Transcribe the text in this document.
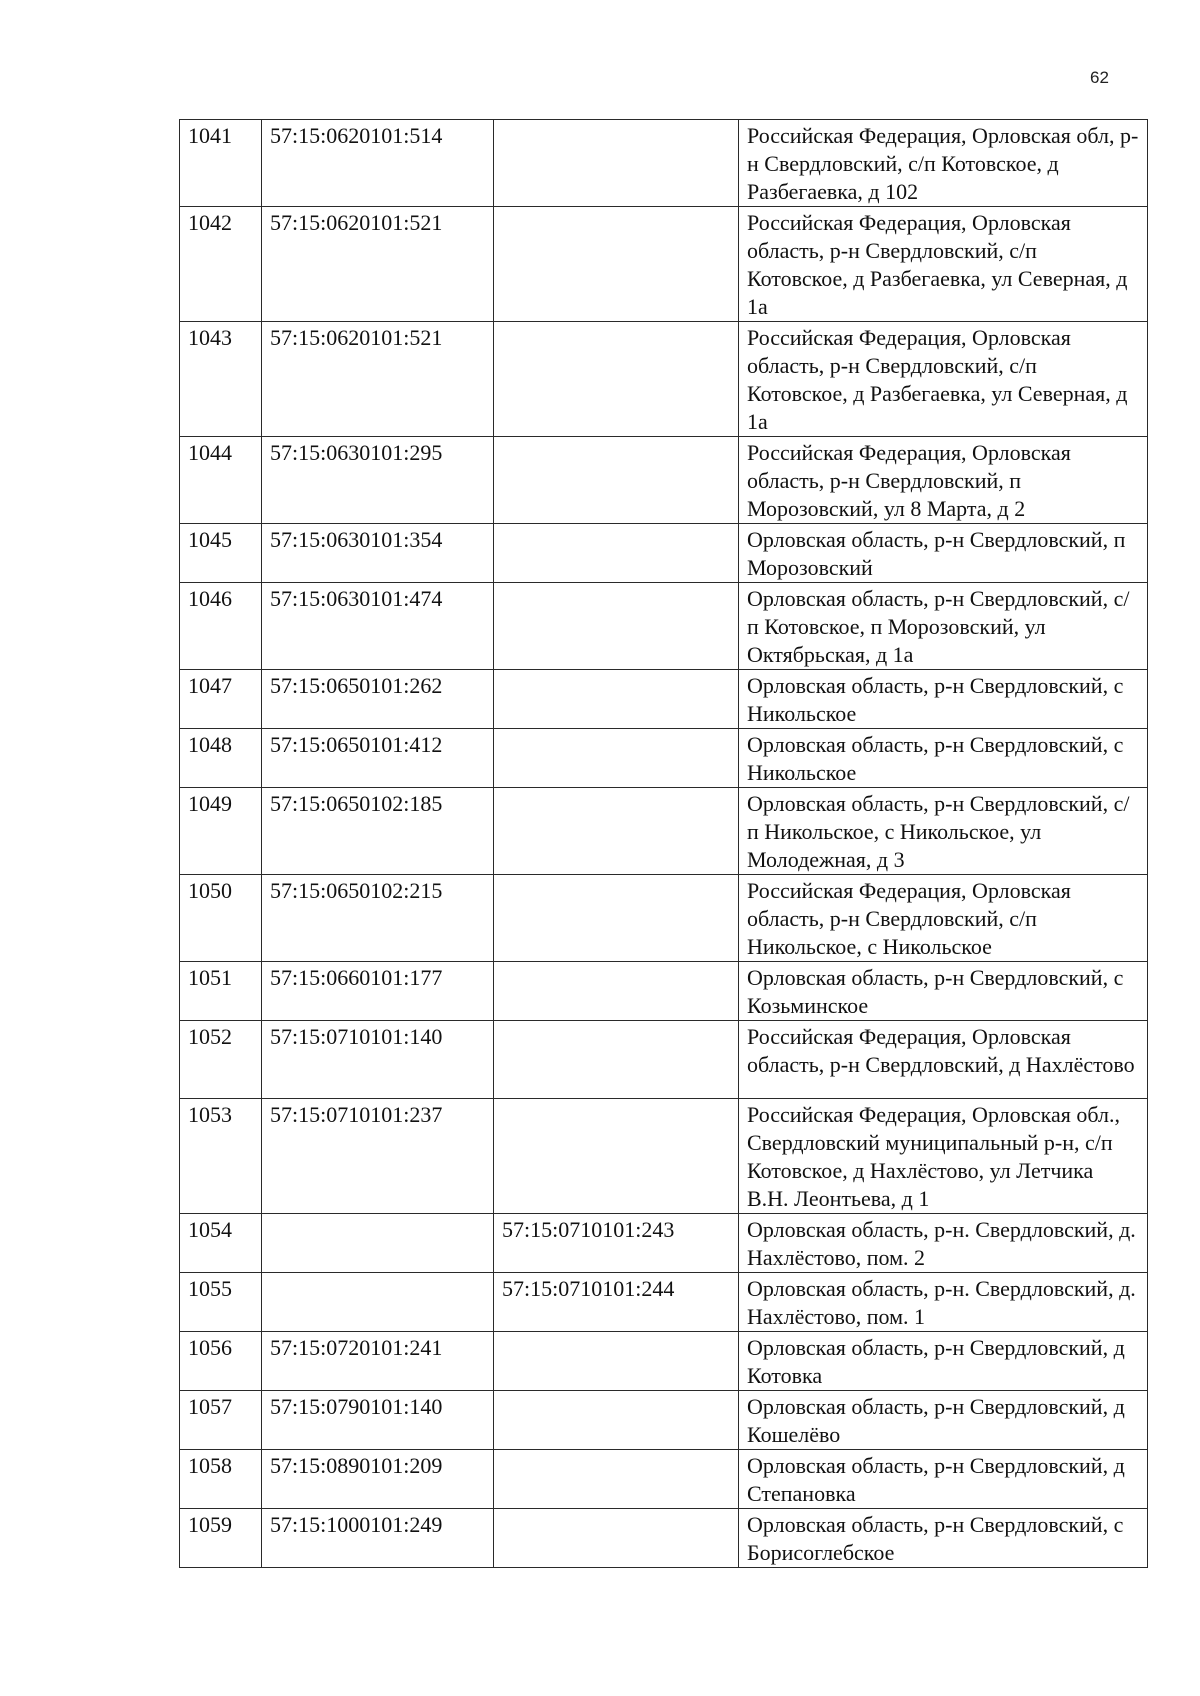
62
1041	57:15:0620101:514		Российская Федерация, Орловская обл, р-н Свердловский, с/п Котовское, д Разбегаевка, д 102
1042	57:15:0620101:521		Российская Федерация, Орловская область, р-н Свердловский, с/п Котовское, д Разбегаевка, ул Северная, д 1а
1043	57:15:0620101:521		Российская Федерация, Орловская область, р-н Свердловский, с/п Котовское, д Разбегаевка, ул Северная, д 1а
1044	57:15:0630101:295		Российская Федерация, Орловская область, р-н Свердловский, п Морозовский, ул 8 Марта, д 2
1045	57:15:0630101:354		Орловская область, р-н Свердловский, п Морозовский
1046	57:15:0630101:474		Орловская область, р-н Свердловский, с/п Котовское, п Морозовский, ул Октябрьская, д 1а
1047	57:15:0650101:262		Орловская область, р-н Свердловский, с Никольское
1048	57:15:0650101:412		Орловская область, р-н Свердловский, с Никольское
1049	57:15:0650102:185		Орловская область, р-н Свердловский, с/п Никольское, с Никольское, ул Молодежная, д 3
1050	57:15:0650102:215		Российская Федерация, Орловская область, р-н Свердловский, с/п Никольское, с Никольское
1051	57:15:0660101:177		Орловская область, р-н Свердловский, с Козьминское
1052	57:15:0710101:140		Российская Федерация, Орловская область, р-н Свердловский, д Нахлёстово
1053	57:15:0710101:237		Российская Федерация, Орловская обл., Свердловский муниципальный р-н, с/п Котовское, д Нахлёстово, ул Летчика В.Н. Леонтьева, д 1
1054		57:15:0710101:243	Орловская область, р-н. Свердловский, д. Нахлёстово, пом. 2
1055		57:15:0710101:244	Орловская область, р-н. Свердловский, д. Нахлёстово, пом. 1
1056	57:15:0720101:241		Орловская область, р-н Свердловский, д Котовка
1057	57:15:0790101:140		Орловская область, р-н Свердловский, д Кошелёво
1058	57:15:0890101:209		Орловская область, р-н Свердловский, д Степановка
1059	57:15:1000101:249		Орловская область, р-н Свердловский, с Борисоглебское
